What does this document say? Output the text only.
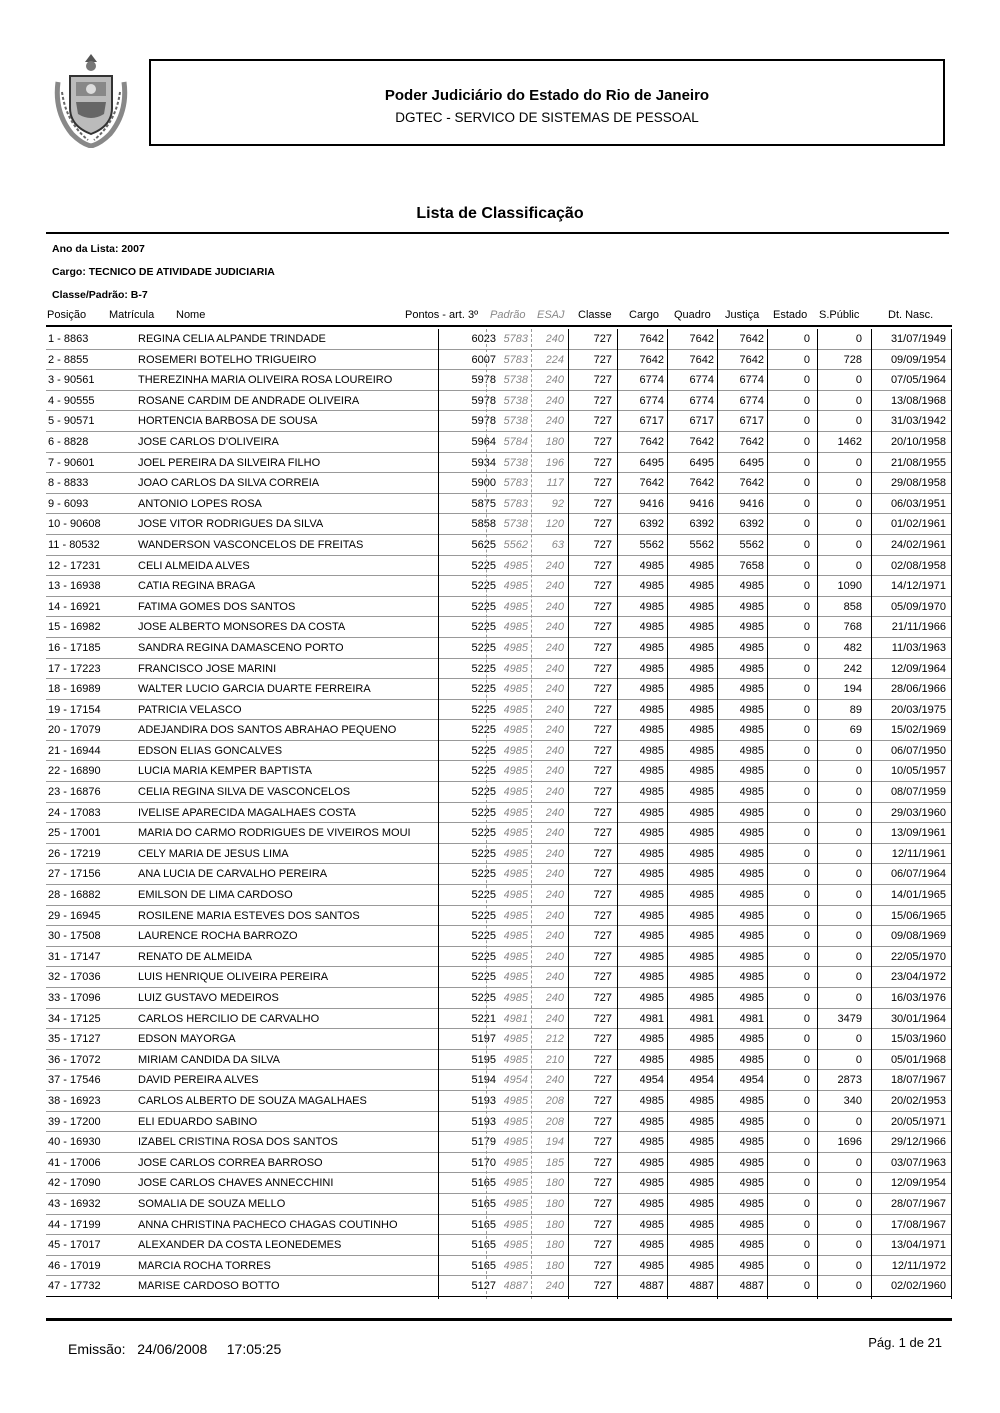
Poder Judiciário do Estado do Rio de Janeiro
DGTEC - SERVICO DE SISTEMAS DE PESSOAL
Lista de Classificação
Ano da Lista: 2007
Cargo: TECNICO DE ATIVIDADE JUDICIARIA
Classe/Padrão: B-7
Posição Matrícula Nome	Pontos - art. 3º Padrão ESAJ Classe Cargo Quadro Justiça Estado S.Públic	Dt. Nasc.
1 - 8863	REGINA CELIA ALPANDE TRINDADE	6023 5783 240	727	7642 7642 7642	0	0	31/07/1949
2 - 8855	ROSEMERI BOTELHO TRIGUEIRO	6007 5783 224	727	7642 7642 7642	0	728	09/09/1954
3 - 90561	THEREZINHA MARIA OLIVEIRA ROSA LOUREIRO	5978 5738 240	727	6774 6774 6774	0	0	07/05/1964
4 - 90555	ROSANE CARDIM DE ANDRADE OLIVEIRA	5978 5738 240	727	6774 6774 6774	0	0	13/08/1968
5 - 90571	HORTENCIA BARBOSA DE SOUSA	5978 5738 240	727	6717 6717 6717	0	0	31/03/1942
6 - 8828	JOSE CARLOS D'OLIVEIRA	5964 5784 180	727	7642 7642 7642	0	1462	20/10/1958
7 - 90601	JOEL PEREIRA DA SILVEIRA FILHO	5934 5738 196	727	6495 6495 6495	0	0	21/08/1955
8 - 8833	JOAO CARLOS DA SILVA CORREIA	5900 5783 117	727	7642 7642 7642	0	0	29/08/1958
9 - 6093	ANTONIO LOPES ROSA	5875 5783 92	727	9416 9416 9416	0	0	06/03/1951
10 - 90608	JOSE VITOR RODRIGUES DA SILVA	5858 5738 120	727	6392 6392 6392	0	0	01/02/1961
11 - 80532	WANDERSON VASCONCELOS DE FREITAS	5625 5562 63	727	5562 5562 5562	0	0	24/02/1961
12 - 17231	CELI ALMEIDA ALVES	5225 4985 240	727	4985 4985 7658	0	0	02/08/1958
13 - 16938	CATIA REGINA BRAGA	5225 4985 240	727	4985 4985 4985	0	1090	14/12/1971
14 - 16921	FATIMA GOMES DOS SANTOS	5225 4985 240	727	4985 4985 4985	0	858	05/09/1970
15 - 16982	JOSE ALBERTO MONSORES DA COSTA	5225 4985 240	727	4985 4985 4985	0	768	21/11/1966
16 - 17185	SANDRA REGINA DAMASCENO PORTO	5225 4985 240	727	4985 4985 4985	0	482	11/03/1963
17 - 17223	FRANCISCO JOSE MARINI	5225 4985 240	727	4985 4985 4985	0	242	12/09/1964
18 - 16989	WALTER LUCIO GARCIA DUARTE FERREIRA	5225 4985 240	727	4985 4985 4985	0	194	28/06/1966
19 - 17154	PATRICIA VELASCO	5225 4985 240	727	4985 4985 4985	0	89	20/03/1975
20 - 17079	ADEJANDIRA DOS SANTOS ABRAHAO PEQUENO	5225 4985 240	727	4985 4985 4985	0	69	15/02/1969
21 - 16944	EDSON ELIAS GONCALVES	5225 4985 240	727	4985 4985 4985	0	0	06/07/1950
22 - 16890	LUCIA MARIA KEMPER BAPTISTA	5225 4985 240	727	4985 4985 4985	0	0	10/05/1957
23 - 16876	CELIA REGINA SILVA DE VASCONCELOS	5225 4985 240	727	4985 4985 4985	0	0	08/07/1959
24 - 17083	IVELISE APARECIDA MAGALHAES COSTA	5225 4985 240	727	4985 4985 4985	0	0	29/03/1960
25 - 17001	MARIA DO CARMO RODRIGUES DE VIVEIROS MOUI	5225 4985 240	727	4985 4985 4985	0	0	13/09/1961
26 - 17219	CELY MARIA DE JESUS LIMA	5225 4985 240	727	4985 4985 4985	0	0	12/11/1961
27 - 17156	ANA LUCIA DE CARVALHO PEREIRA	5225 4985 240	727	4985 4985 4985	0	0	06/07/1964
28 - 16882	EMILSON DE LIMA CARDOSO	5225 4985 240	727	4985 4985 4985	0	0	14/01/1965
29 - 16945	ROSILENE MARIA ESTEVES DOS SANTOS	5225 4985 240	727	4985 4985 4985	0	0	15/06/1965
30 - 17508	LAURENCE ROCHA BARROZO	5225 4985 240	727	4985 4985 4985	0	0	09/08/1969
31 - 17147	RENATO DE ALMEIDA	5225 4985 240	727	4985 4985 4985	0	0	22/05/1970
32 - 17036	LUIS HENRIQUE OLIVEIRA PEREIRA	5225 4985 240	727	4985 4985 4985	0	0	23/04/1972
33 - 17096	LUIZ GUSTAVO MEDEIROS	5225 4985 240	727	4985 4985 4985	0	0	16/03/1976
34 - 17125	CARLOS HERCILIO DE CARVALHO	5221 4981 240	727	4981 4981 4981	0	3479	30/01/1964
35 - 17127	EDSON MAYORGA	5197 4985 212	727	4985 4985 4985	0	0	15/03/1960
36 - 17072	MIRIAM CANDIDA DA SILVA	5195 4985 210	727	4985 4985 4985	0	0	05/01/1968
37 - 17546	DAVID PEREIRA ALVES	5194 4954 240	727	4954 4954 4954	0	2873	18/07/1967
38 - 16923	CARLOS ALBERTO DE SOUZA MAGALHAES	5193 4985 208	727	4985 4985 4985	0	340	20/02/1953
39 - 17200	ELI EDUARDO SABINO	5193 4985 208	727	4985 4985 4985	0	0	20/05/1971
40 - 16930	IZABEL CRISTINA ROSA DOS SANTOS	5179 4985 194	727	4985 4985 4985	0	1696	29/12/1966
41 - 17006	JOSE CARLOS CORREA BARROSO	5170 4985 185	727	4985 4985 4985	0	0	03/07/1963
42 - 17090	JOSE CARLOS CHAVES ANNECCHINI	5165 4985 180	727	4985 4985 4985	0	0	12/09/1954
43 - 16932	SOMALIA DE SOUZA MELLO	5165 4985 180	727	4985 4985 4985	0	0	28/07/1967
44 - 17199	ANNA CHRISTINA PACHECO CHAGAS COUTINHO	5165 4985 180	727	4985 4985 4985	0	0	17/08/1967
45 - 17017	ALEXANDER DA COSTA LEONEDEMES	5165 4985 180	727	4985 4985 4985	0	0	13/04/1971
46 - 17019	MARCIA ROCHA TORRES	5165 4985 180	727	4985 4985 4985	0	0	12/11/1972
47 - 17732	MARISE CARDOSO BOTTO	5127 4887 240	727	4887 4887 4887	0	0	02/02/1960
Emissão:   24/06/2008     17:05:25	Pág. 1 de 21
